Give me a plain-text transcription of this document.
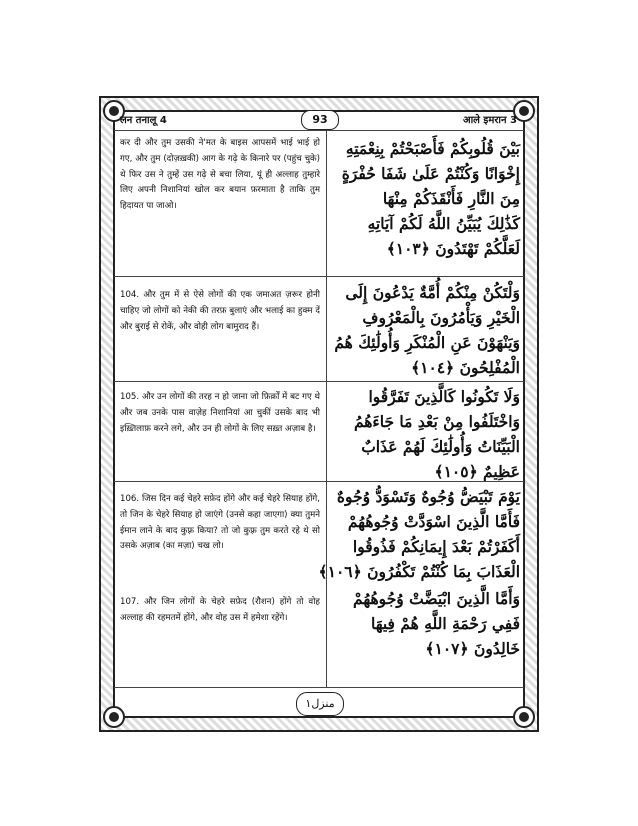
लन तनालू 4	93	आले इमरान 3
कर दी और तुम उसकी ने'मत के बाइस आपसमें भाई भाई हो गए, और तुम (दोज़ख़की) आग के गढ़े के किनारे पर (पहुंच चुके) थे फिर उस ने तुम्हें उस गढ़े से बचा लिया, यूं ही अल्लाह तुम्हारे लिए अपनी निशानियां खोल कर बयान फ़रमाता है ताकि तुम हिदायत पा जाओ।
104. और तुम में से ऐसे लोगों की एक जमाअत ज़रूर होनी चाहिए जो लोगों को नेकी की तरफ़ बुलाएं और भलाई का हुक्म दें और बुराई से रोकें, और वोही लोग बामुराद हैं।
105. और उन लोगों की तरह न हो जाना जो फ़िर्क़ों में बट गए थे और जब उनके पास वाज़ेह निशानियां आ चुकीं उसके बाद भी इख़्तिलाफ़ करने लगे, और उन ही लोगों के लिए सख़्त अज़ाब है।
106. जिस दिन कई चेहरे सफ़ेद होंगे और कई चेहरे सियाह होंगे, तो जिन के चेहरे सियाह हो जाएंगे (उनसे कहा जाएगा) क्या तुमने ईमान लाने के बाद कुफ़्र किया? तो जो कुफ़्र तुम करते रहे थे सो उसके अज़ाब (का मज़ा) चख लो।
107. और जिन लोगों के चेहरे सफ़ेद (रौशन) होंगे तो वोह अल्लाह की रहमतमें होंगे, और वोह उस में हमेशा रहेंगे।
بَيْنَ قُلُوبِكُمْ فَأَصْبَحْتُمْ بِنِعْمَتِهِ
إِخْوَانًا وَكُنْتُمْ عَلَىٰ شَفَا حُفْرَةٍ
مِنَ النَّارِ فَأَنْقَذَكُمْ مِنْهَا
كَذَٰلِكَ يُبَيِّنُ اللَّهُ لَكُمْ آيَاتِهِ
لَعَلَّكُمْ تَهْتَدُونَ ﴿١٠٣﴾
وَلْتَكُنْ مِنْكُمْ أُمَّةٌ يَدْعُونَ إِلَى
الْخَيْرِ وَيَأْمُرُونَ بِالْمَعْرُوفِ
وَيَنْهَوْنَ عَنِ الْمُنْكَرِ وَأُولَٰئِكَ هُمُ
الْمُفْلِحُونَ ﴿١٠٤﴾
وَلَا تَكُونُوا كَالَّذِينَ تَفَرَّقُوا
وَاخْتَلَفُوا مِنْ بَعْدِ مَا جَاءَهُمُ
الْبَيِّنَاتُ وَأُولَٰئِكَ لَهُمْ عَذَابٌ
عَظِيمٌ ﴿١٠٥﴾
يَوْمَ تَبْيَضُّ وُجُوهٌ وَتَسْوَدُّ وُجُوهٌ
فَأَمَّا الَّذِينَ اسْوَدَّتْ وُجُوهُهُمْ
أَكَفَرْتُمْ بَعْدَ إِيمَانِكُمْ فَذُوقُوا
الْعَذَابَ بِمَا كُنْتُمْ تَكْفُرُونَ ﴿١٠٦﴾
وَأَمَّا الَّذِينَ ابْيَضَّتْ وُجُوهُهُمْ
فَفِي رَحْمَةِ اللَّهِ هُمْ فِيهَا
خَالِدُونَ ﴿١٠٧﴾
منزل١
